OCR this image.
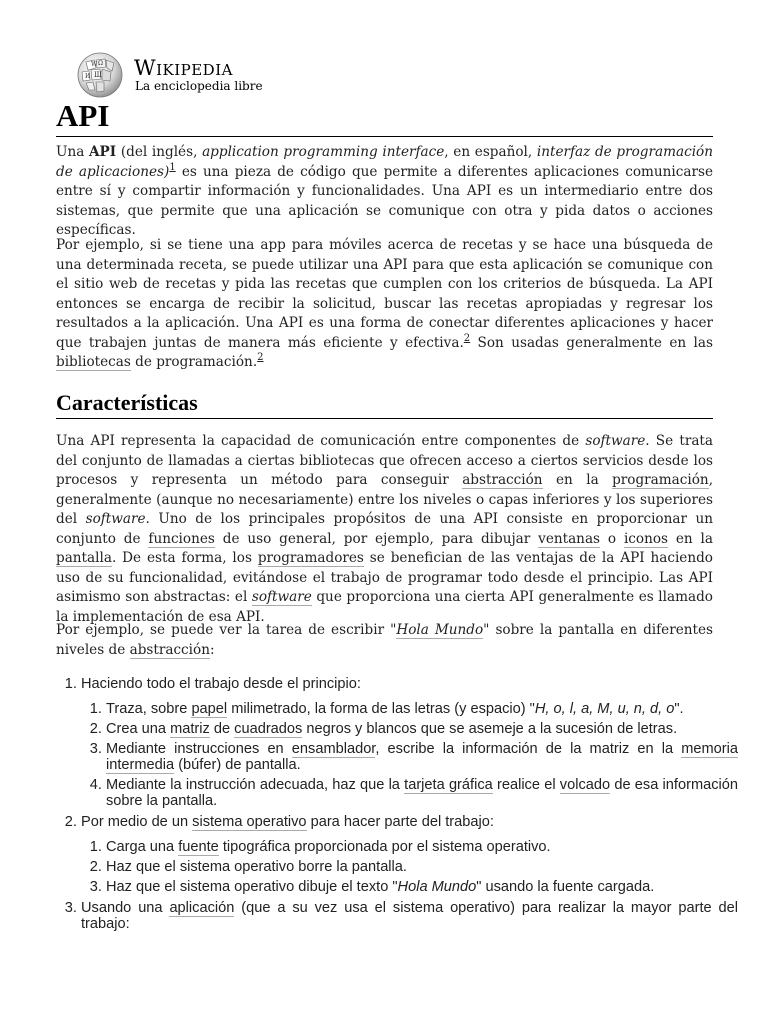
W Ω
Ш
И Wikipedia
La enciclopedia libre
API

Una API (del inglés, application programming interface, en español, interfaz de programación de aplicaciones)$^1$ es una pieza de código que permite a diferentes aplicaciones comunicarse entre sí y compartir información y funcionalidades. Una API es un intermediario entre dos sistemas, que permite que una aplicación se comunique con otra y pida datos o acciones específicas.

Por ejemplo, si se tiene una app para móviles acerca de recetas y se hace una búsqueda de una determinada receta, se puede utilizar una API para que esta aplicación se comunique con el sitio web de recetas y pida las recetas que cumplen con los criterios de búsqueda. La API entonces se encarga de recibir la solicitud, buscar las recetas apropiadas y regresar los resultados a la aplicación. Una API es una forma de conectar diferentes aplicaciones y hacer que trabajen juntas de manera más eficiente y efectiva.$^2$ Son usadas generalmente en las bibliotecas de programación.$^2$

Características

Una API representa la capacidad de comunicación entre componentes de software. Se trata del conjunto de llamadas a ciertas bibliotecas que ofrecen acceso a ciertos servicios desde los procesos y representa un método para conseguir abstracción en la programación, generalmente (aunque no necesariamente) entre los niveles o capas inferiores y los superiores del software. Uno de los principales propósitos de una API consiste en proporcionar un conjunto de funciones de uso general, por ejemplo, para dibujar ventanas o iconos en la pantalla. De esta forma, los programadores se benefician de las ventajas de la API haciendo uso de su funcionalidad, evitándose el trabajo de programar todo desde el principio. Las API asimismo son abstractas: el software que proporciona una cierta API generalmente es llamado la implementación de esa API.

Por ejemplo, se puede ver la tarea de escribir "Hola Mundo" sobre la pantalla en diferentes niveles de abstracción:

1. Haciendo todo el trabajo desde el principio:
1. Traza, sobre papel milimetrado, la forma de las letras (y espacio) "H, o, l, a, M, u, n, d, o".
2. Crea una matriz de cuadrados negros y blancos que se asemeje a la sucesión de letras.
3. Mediante instrucciones en ensamblador, escribe la información de la matriz en la memoria intermedia (búfer) de pantalla.
4. Mediante la instrucción adecuada, haz que la tarjeta gráfica realice el volcado de esa información sobre la pantalla.
2. Por medio de un sistema operativo para hacer parte del trabajo:
1. Carga una fuente tipográfica proporcionada por el sistema operativo.
2. Haz que el sistema operativo borre la pantalla.
3. Haz que el sistema operativo dibuje el texto "Hola Mundo" usando la fuente cargada.
3. Usando una aplicación (que a su vez usa el sistema operativo) para realizar la mayor parte del trabajo:
